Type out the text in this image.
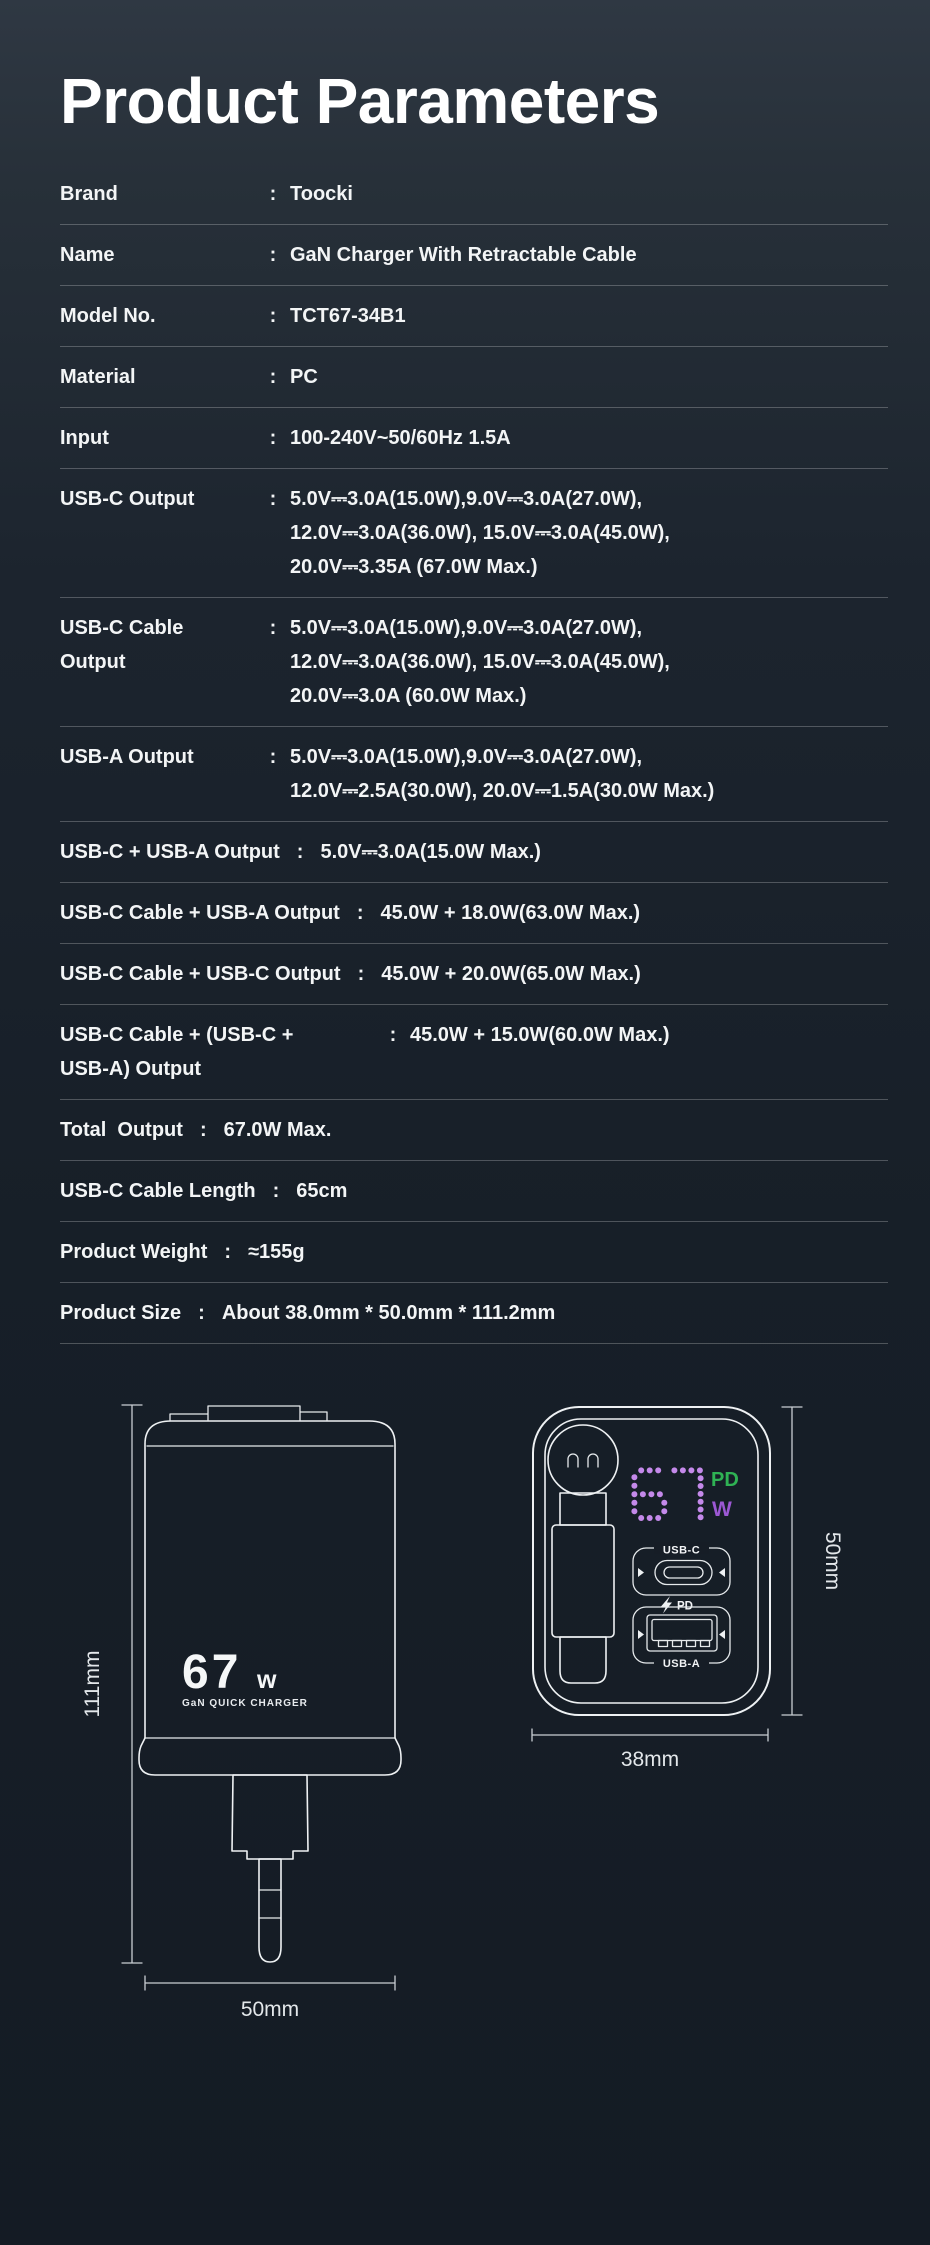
Product Parameters
Brand	: Toocki
Name	: GaN Charger With Retractable Cable
Model No.	: TCT67-34B1
Material	: PC
Input	: 100-240V~50/60Hz 1.5A
USB-C Output	: 5.0V⎓3.0A(15.0W),9.0V⎓3.0A(27.0W),
12.0V⎓3.0A(36.0W), 15.0V⎓3.0A(45.0W),
20.0V⎓3.35A (67.0W Max.)
USB-C Cable
Output
: 5.0V⎓3.0A(15.0W),9.0V⎓3.0A(27.0W),
12.0V⎓3.0A(36.0W), 15.0V⎓3.0A(45.0W),
20.0V⎓3.0A (60.0W Max.)
USB-A Output	: 5.0V⎓3.0A(15.0W),9.0V⎓3.0A(27.0W),
12.0V⎓2.5A(30.0W), 20.0V⎓1.5A(30.0W Max.)
USB-C + USB-A Output : 5.0V⎓3.0A(15.0W Max.)
USB-C Cable + USB-A Output : 45.0W + 18.0W(63.0W Max.)
USB-C Cable + USB-C Output : 45.0W + 20.0W(65.0W Max.)
USB-C Cable + (USB-C +
USB-A) Output
: 45.0W + 15.0W(60.0W Max.)
Total  Output : 67.0W Max.
USB-C Cable Length : 65cm
Product Weight : ≈155g
Product Size : About 38.0mm * 50.0mm * 111.2mm
111mm 67 w
GaN QUICK CHARGER
50mm
PD
W
USB-C
PD
USB-A
50mm
38mm
